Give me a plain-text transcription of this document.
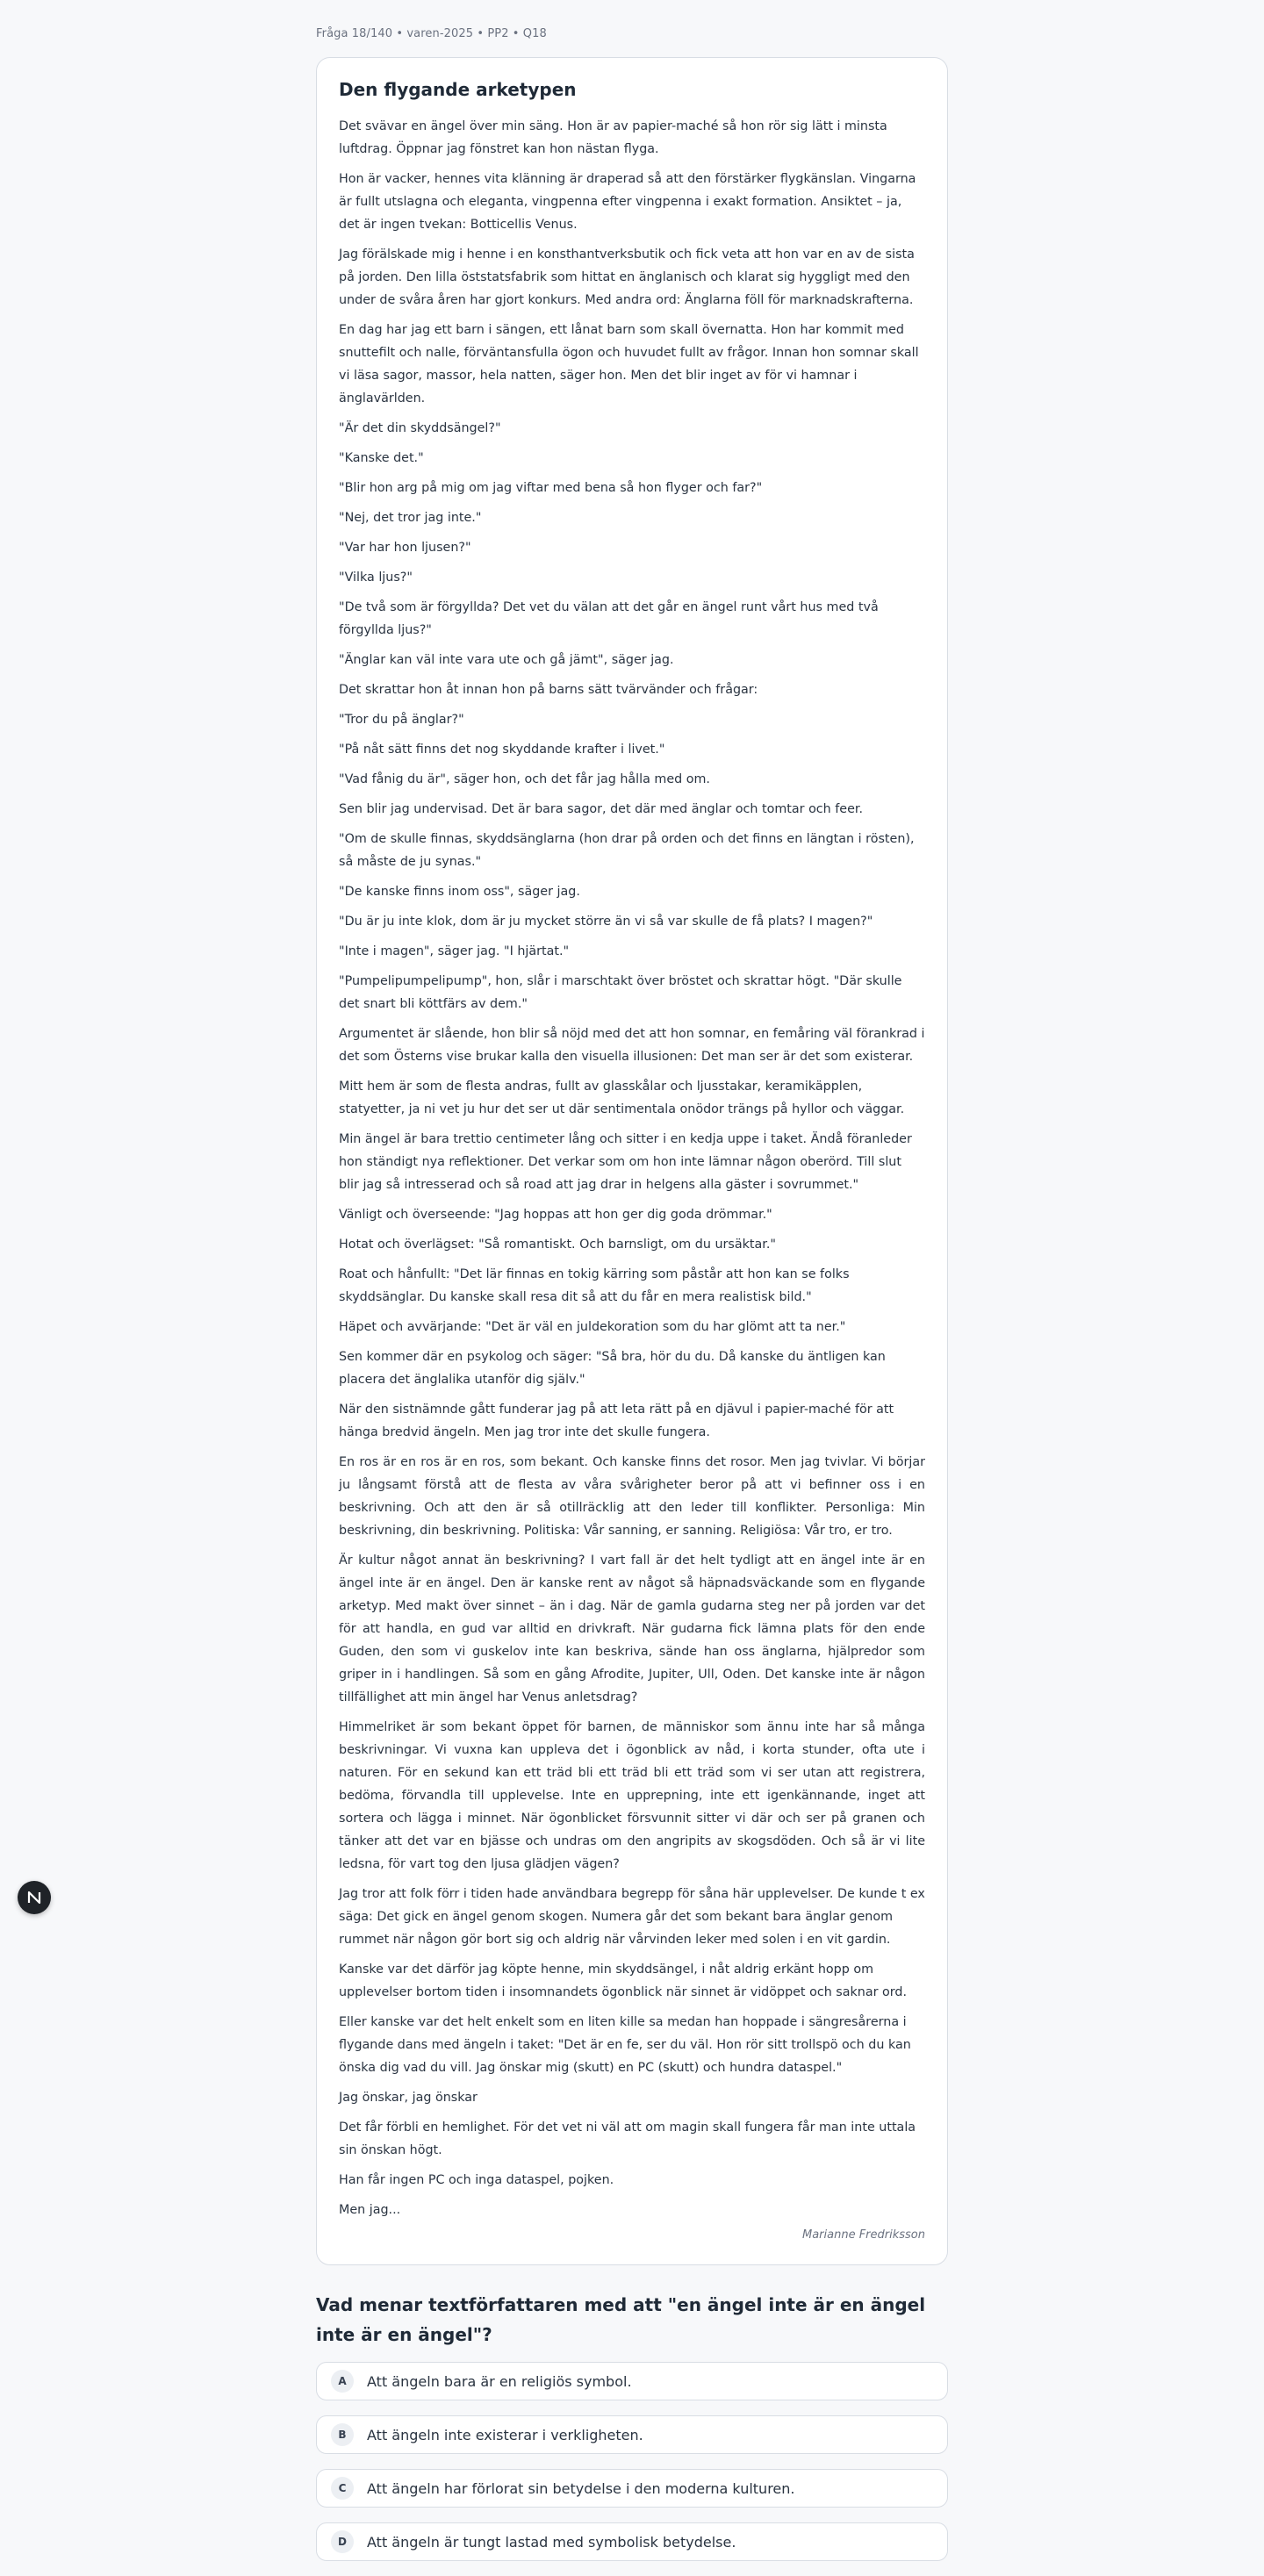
Fråga 18/140 • varen-2025 • PP2 • Q18
Den flygande arketypen

Det svävar en ängel över min säng. Hon är av papier-maché så hon rör sig lätt i minsta luftdrag. Öppnar jag fönstret kan hon nästan flyga.

Hon är vacker, hennes vita klänning är draperad så att den förstärker flygkänslan. Vingarna är fullt utslagna och eleganta, vingpenna efter vingpenna i exakt formation. Ansiktet – ja, det är ingen tvekan: Botticellis Venus.

Jag förälskade mig i henne i en konsthantverksbutik och fick veta att hon var en av de sista på jorden. Den lilla öststatsfabrik som hittat en änglanisch och klarat sig hyggligt med den under de svåra åren har gjort konkurs. Med andra ord: Änglarna föll för marknadskrafterna.

En dag har jag ett barn i sängen, ett lånat barn som skall övernatta. Hon har kommit med snuttefilt och nalle, förväntansfulla ögon och huvudet fullt av frågor. Innan hon somnar skall vi läsa sagor, massor, hela natten, säger hon. Men det blir inget av för vi hamnar i änglavärlden.

"Är det din skyddsängel?"

"Kanske det."

"Blir hon arg på mig om jag viftar med bena så hon flyger och far?"

"Nej, det tror jag inte."

"Var har hon ljusen?"

"Vilka ljus?"

"De två som är förgyllda? Det vet du välan att det går en ängel runt vårt hus med två förgyllda ljus?"

"Änglar kan väl inte vara ute och gå jämt", säger jag.

Det skrattar hon åt innan hon på barns sätt tvärvänder och frågar:

"Tror du på änglar?"

"På nåt sätt finns det nog skyddande krafter i livet."

"Vad fånig du är", säger hon, och det får jag hålla med om.

Sen blir jag undervisad. Det är bara sagor, det där med änglar och tomtar och feer.

"Om de skulle finnas, skyddsänglarna (hon drar på orden och det finns en längtan i rösten), så måste de ju synas."

"De kanske finns inom oss", säger jag.

"Du är ju inte klok, dom är ju mycket större än vi så var skulle de få plats? I magen?"

"Inte i magen", säger jag. "I hjärtat."

"Pumpelipumpelipump", hon, slår i marschtakt över bröstet och skrattar högt. "Där skulle det snart bli köttfärs av dem."

Argumentet är slående, hon blir så nöjd med det att hon somnar, en femåring väl förankrad i det som Österns vise brukar kalla den visuella illusionen: Det man ser är det som existerar.

Mitt hem är som de flesta andras, fullt av glasskålar och ljusstakar, keramikäpplen, statyetter, ja ni vet ju hur det ser ut där sentimentala onödor trängs på hyllor och väggar.

Min ängel är bara trettio centimeter lång och sitter i en kedja uppe i taket. Ändå föranleder hon ständigt nya reflektioner. Det verkar som om hon inte lämnar någon oberörd. Till slut blir jag så intresserad och så road att jag drar in helgens alla gäster i sovrummet."

Vänligt och överseende: "Jag hoppas att hon ger dig goda drömmar."

Hotat och överlägset: "Så romantiskt. Och barnsligt, om du ursäktar."

Roat och hånfullt: "Det lär finnas en tokig kärring som påstår att hon kan se folks skyddsänglar. Du kanske skall resa dit så att du får en mera realistisk bild."

Häpet och avvärjande: "Det är väl en juldekoration som du har glömt att ta ner."

Sen kommer där en psykolog och säger: "Så bra, hör du du. Då kanske du äntligen kan placera det änglalika utanför dig själv."

När den sistnämnde gått funderar jag på att leta rätt på en djävul i papier-maché för att hänga bredvid ängeln. Men jag tror inte det skulle fungera.

En ros är en ros är en ros, som bekant. Och kanske finns det rosor. Men jag tvivlar. Vi börjar ju långsamt förstå att de flesta av våra svårigheter beror på att vi befinner oss i en beskrivning. Och att den är så otillräcklig att den leder till konflikter. Personliga: Min beskrivning, din beskrivning. Politiska: Vår sanning, er sanning. Religiösa: Vår tro, er tro.

Är kultur något annat än beskrivning? I vart fall är det helt tydligt att en ängel inte är en ängel inte är en ängel. Den är kanske rent av något så häpnadsväckande som en flygande arketyp. Med makt över sinnet – än i dag. När de gamla gudarna steg ner på jorden var det för att handla, en gud var alltid en drivkraft. När gudarna fick lämna plats för den ende Guden, den som vi guskelov inte kan beskriva, sände han oss änglarna, hjälpredor som griper in i handlingen. Så som en gång Afrodite, Jupiter, Ull, Oden. Det kanske inte är någon tillfällighet att min ängel har Venus anletsdrag?

Himmelriket är som bekant öppet för barnen, de människor som ännu inte har så många beskrivningar. Vi vuxna kan uppleva det i ögonblick av nåd, i korta stunder, ofta ute i naturen. För en sekund kan ett träd bli ett träd bli ett träd som vi ser utan att registrera, bedöma, förvandla till upplevelse. Inte en upprepning, inte ett igenkännande, inget att sortera och lägga i minnet. När ögonblicket försvunnit sitter vi där och ser på granen och tänker att det var en bjässe och undras om den angripits av skogsdöden. Och så är vi lite ledsna, för vart tog den ljusa glädjen vägen?

Jag tror att folk förr i tiden hade användbara begrepp för såna här upplevelser. De kunde t ex säga: Det gick en ängel genom skogen. Numera går det som bekant bara änglar genom rummet när någon gör bort sig och aldrig när vårvinden leker med solen i en vit gardin.

Kanske var det därför jag köpte henne, min skyddsängel, i nåt aldrig erkänt hopp om upplevelser bortom tiden i insomnandets ögonblick när sinnet är vidöppet och saknar ord.

Eller kanske var det helt enkelt som en liten kille sa medan han hoppade i sängresårerna i flygande dans med ängeln i taket: "Det är en fe, ser du väl. Hon rör sitt trollspö och du kan önska dig vad du vill. Jag önskar mig (skutt) en PC (skutt) och hundra dataspel."

Jag önskar, jag önskar

Det får förbli en hemlighet. För det vet ni väl att om magin skall fungera får man inte uttala sin önskan högt.

Han får ingen PC och inga dataspel, pojken.

Men jag...

Marianne Fredriksson
Vad menar textförfattaren med att "en ängel inte är en ängel inte är en ängel"?
A	Att ängeln bara är en religiös symbol.
B	Att ängeln inte existerar i verkligheten.
C	Att ängeln har förlorat sin betydelse i den moderna kulturen.
D	Att ängeln är tungt lastad med symbolisk betydelse.
